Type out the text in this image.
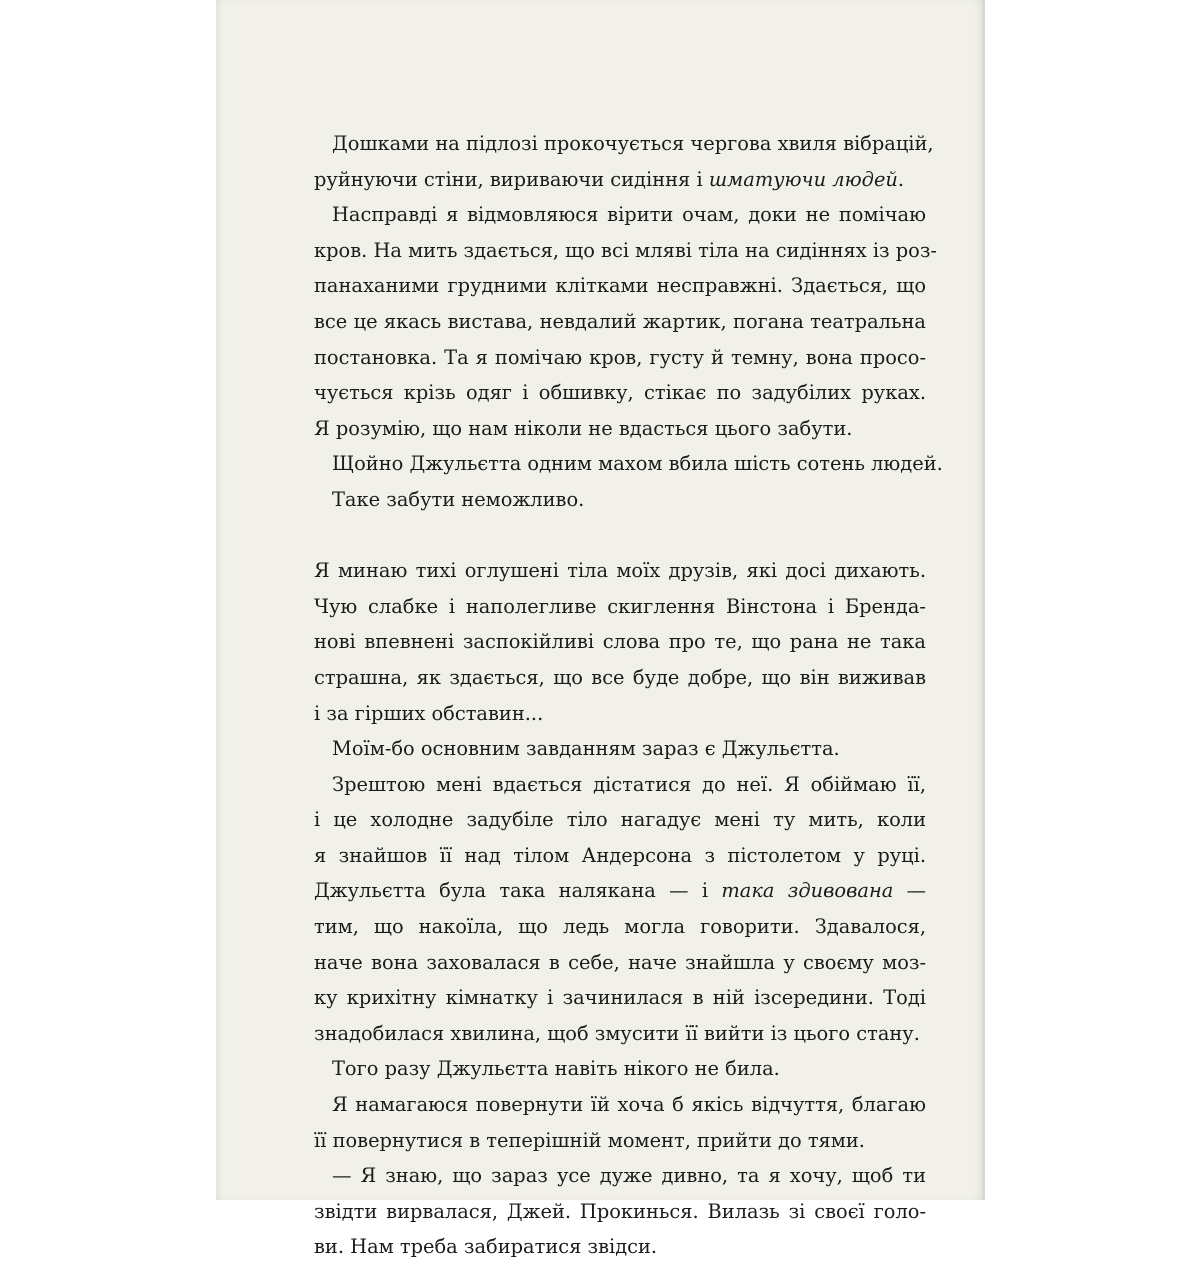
Дошками на підлозі прокочується чергова хвиля вібрацій,
руйнуючи стіни, вириваючи сидіння і шматуючи людей.

Насправді я відмовляюся вірити очам, доки не помічаю
кров. На мить здається, що всі мляві тіла на сидіннях із роз-
панаханими грудними клітками несправжні. Здається, що
все це якась вистава, невдалий жартик, погана театральна
постановка. Та я помічаю кров, густу й темну, вона просо-
чується крізь одяг і обшивку, стікає по задубілих руках.
Я розумію, що нам ніколи не вдасться цього забути.

Щойно Джульєтта одним махом вбила шість сотень людей.

Таке забути неможливо.

Я минаю тихі оглушені тіла моїх друзів, які досі дихають.
Чую слабке і наполегливе скиглення Вінстона і Бренда-
нові впевнені заспокійливі слова про те, що рана не така
страшна, як здається, що все буде добре, що він виживав
і за гірших обставин...

Моїм-бо основним завданням зараз є Джульєтта.

Зрештою мені вдається дістатися до неї. Я обіймаю її,
і це холодне задубіле тіло нагадує мені ту мить, коли
я знайшов її над тілом Андерсона з пістолетом у руці.
Джульєтта була така налякана — і така здивована —
тим, що накоїла, що ледь могла говорити. Здавалося,
наче вона заховалася в себе, наче знайшла у своєму моз-
ку крихітну кімнатку і зачинилася в ній ізсередини. Тоді
знадобилася хвилина, щоб змусити її вийти із цього стану.

Того разу Джульєтта навіть нікого не била.

Я намагаюся повернути їй хоча б якісь відчуття, благаю
її повернутися в теперішній момент, прийти до тями.

— Я знаю, що зараз усе дуже дивно, та я хочу, щоб ти
звідти вирвалася, Джей. Прокинься. Вилазь зі своєї голо-
ви. Нам треба забиратися звідси.
